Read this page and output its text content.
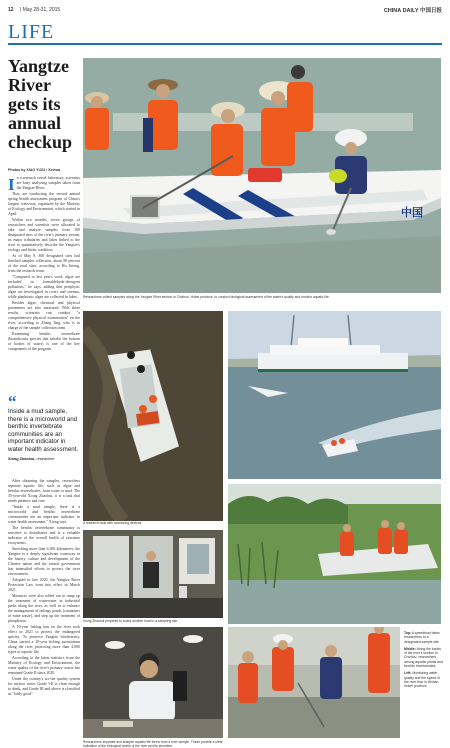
12 | May 28-31, 2015	CHINA DAILY 中国日报
LIFE
Yangtze River gets its annual checkup
Photos by XIAO YIJIU / Xinhua

In a research vessel laboratory, scientists are busy analyzing samples taken from the Yangtze River.

They are conducting the second annual spring health assessment program of China's longest waterway, organized by the Ministry of Ecology and Environment, which started in April.

Within two months, seven groups of researchers and scientists were allocated to take and analyze samples from 100 designated sites of the river's primary stream, its major tributaries and lakes linked to the river to quantitatively describe the Yangtze's ecology and biotic condition.

As of May 9, 300 designated sites had finished samples collection, about 80 percent of the total sites, according to Hu Jinong, from the research team.

"Compared to last year's work, algae are included in formaldehyde-detergent pollutions," he says, adding that periphytic algae are investigated in rivers and streams, while planktonic algae are collected in lakes.

Besides algae, chemical and physical parameters are also measured. With these results, scientists can conduct "a comprehensive physical examination" on the river, according to Zhang Jing, who is in charge of the sample collection team.

Examining benthic invertebrate (bioindicator species that inhabit the bottom of bodies of water) is one of the key components of the program.

“
Inside a mud sample, there is a microworld and benthic invertebrate communities are an important indicator in water health assessment.
Xiong Zhaohui, researcher

After obtaining the samples, researchers separate aquatic life, such as algae and benthic invertebrates, from water or mud. The 35-year-old Xiong Zhaohui, it is a task that needs patience and care.

"Inside a mud sample, there is a microworld and benthic invertebrate communities are an important indicator in water health assessment," Xiong says.

The benthic invertebrate community is sensitive to disturbance and is a valuable indicator of the overall health of estuarine ecosystems.

Stretching more than 6,300 kilometers, the Yangtze is a deeply significant waterway in the history, culture and development of the Chinese nation and the central government has intensified efforts to protect the river environment.

Adopted in late 2020, the Yangtze River Protection Law went into effect in March 2021.

Measures were also rolled out to ramp up the treatment of wastewater in industrial parks along the river, as well as to enhance the management of tailings ponds (containers of mine waste), and step up the treatment of phosphorus.

A 10-year fishing ban on the river took effect in 2021 to protect the endangered species. To preserve Yangtze biodiversity, China started a 10-year fishing moratorium along the river protecting more than 4,000 types of aquatic life.

According to the latest statistics from the Ministry of Ecology and Environment, the water quality of the river's primary course has remained Grade II since 2020.

Under the country's six-tier quality system for surface water, Grade I-II is clean enough to drink, and Grade III and above is classified as "fairly good".

中国
Researchers collect samples along the Yangtze River section in Chizhou, Hubei province, to conduct biological assessment of the water's quality and monitor aquatic life.
A research boat with monitoring devices.
Xiong Zhaohui prepares to board another boat to a sampling site.
Researchers separate and analyze aquatic life forms from a river sample. These provide a clear indication of the biological health of the river and its shoreline.

Top: A speedboat takes researchers to a designated sample site.

Middle: Along the banks of the river's section in Chizhou, researchers among aquatic plants and benthic invertebrates.

Left: Monitoring water quality and the speed of the river flow in Wuhan, Hubei province.
